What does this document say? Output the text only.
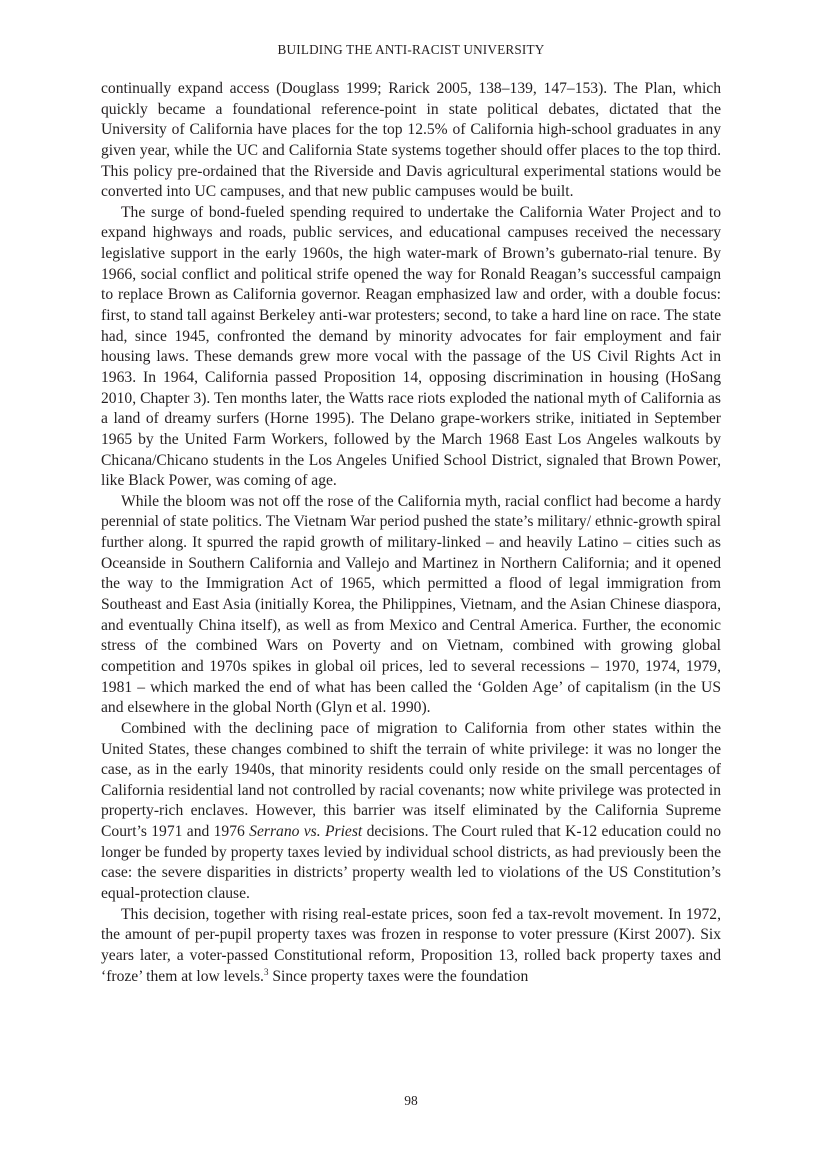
BUILDING THE ANTI-RACIST UNIVERSITY

continually expand access (Douglass 1999; Rarick 2005, 138–139, 147–153). The Plan, which quickly became a foundational reference-point in state political debates, dictated that the University of California have places for the top 12.5% of California high-school graduates in any given year, while the UC and California State systems together should offer places to the top third. This policy pre-ordained that the Riverside and Davis agricultural experimental stations would be converted into UC campuses, and that new public campuses would be built.

The surge of bond-fueled spending required to undertake the California Water Project and to expand highways and roads, public services, and educational campuses received the necessary legislative support in the early 1960s, the high water-mark of Brown’s gubernato-rial tenure. By 1966, social conflict and political strife opened the way for Ronald Reagan’s successful campaign to replace Brown as California governor. Reagan emphasized law and order, with a double focus: first, to stand tall against Berkeley anti-war protesters; second, to take a hard line on race. The state had, since 1945, confronted the demand by minority advocates for fair employment and fair housing laws. These demands grew more vocal with the passage of the US Civil Rights Act in 1963. In 1964, California passed Proposition 14, opposing discrimination in housing (HoSang 2010, Chapter 3). Ten months later, the Watts race riots exploded the national myth of California as a land of dreamy surfers (Horne 1995). The Delano grape-workers strike, initiated in September 1965 by the United Farm Workers, followed by the March 1968 East Los Angeles walkouts by Chicana/Chicano students in the Los Angeles Unified School District, signaled that Brown Power, like Black Power, was coming of age.

While the bloom was not off the rose of the California myth, racial conflict had become a hardy perennial of state politics. The Vietnam War period pushed the state’s military/ ethnic-growth spiral further along. It spurred the rapid growth of military-linked – and heavily Latino – cities such as Oceanside in Southern California and Vallejo and Martinez in Northern California; and it opened the way to the Immigration Act of 1965, which permitted a flood of legal immigration from Southeast and East Asia (initially Korea, the Philippines, Vietnam, and the Asian Chinese diaspora, and eventually China itself), as well as from Mexico and Central America. Further, the economic stress of the combined Wars on Poverty and on Vietnam, combined with growing global competition and 1970s spikes in global oil prices, led to several recessions – 1970, 1974, 1979, 1981 – which marked the end of what has been called the ‘Golden Age’ of capitalism (in the US and elsewhere in the global North (Glyn et al. 1990).

Combined with the declining pace of migration to California from other states within the United States, these changes combined to shift the terrain of white privilege: it was no longer the case, as in the early 1940s, that minority residents could only reside on the small percentages of California residential land not controlled by racial covenants; now white privilege was protected in property-rich enclaves. However, this barrier was itself eliminated by the California Supreme Court’s 1971 and 1976 Serrano vs. Priest decisions. The Court ruled that K-12 education could no longer be funded by property taxes levied by individual school districts, as had previously been the case: the severe disparities in districts’ property wealth led to violations of the US Constitution’s equal-protection clause.

This decision, together with rising real-estate prices, soon fed a tax-revolt movement. In 1972, the amount of per-pupil property taxes was frozen in response to voter pressure (Kirst 2007). Six years later, a voter-passed Constitutional reform, Proposition 13, rolled back property taxes and ‘froze’ them at low levels.$^3$ Since property taxes were the foundation

98
